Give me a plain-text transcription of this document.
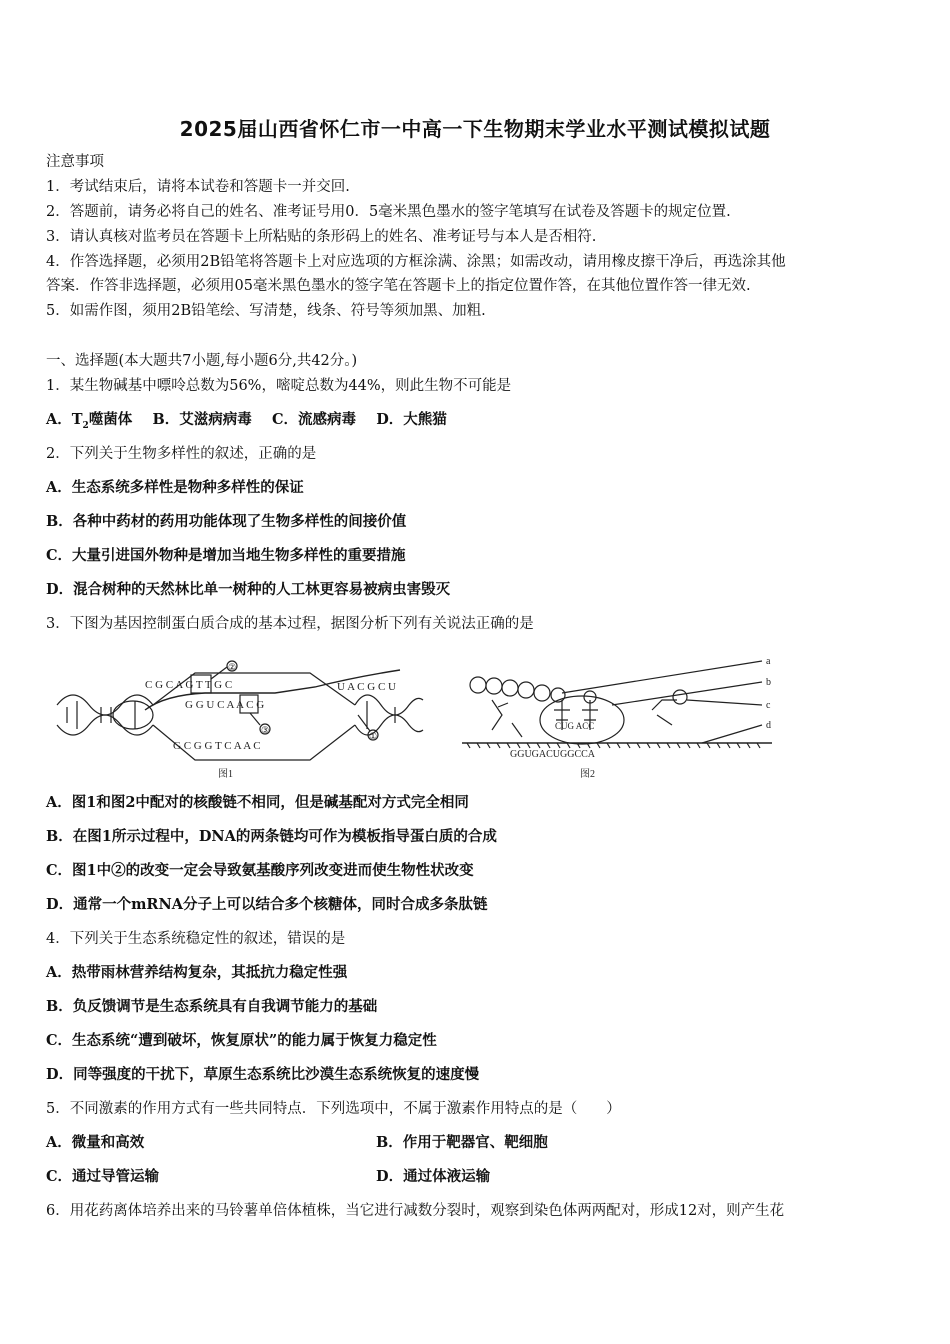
2025届山西省怀仁市一中高一下生物期末学业水平测试模拟试题
注意事项
1．考试结束后，请将本试卷和答题卡一并交回.
2．答题前，请务必将自己的姓名、准考证号用0．5毫米黑色墨水的签字笔填写在试卷及答题卡的规定位置.
3．请认真核对监考员在答题卡上所粘贴的条形码上的姓名、准考证号与本人是否相符.
4．作答选择题，必须用2B铅笔将答题卡上对应选项的方框涂满、涂黑；如需改动，请用橡皮擦干净后，再选涂其他
答案．作答非选择题，必须用05毫米黑色墨水的签字笔在答题卡上的指定位置作答，在其他位置作答一律无效.
5．如需作图，须用2B铅笔绘、写清楚，线条、符号等须加黑、加粗.
一、选择题(本大题共7小题,每小题6分,共42分。)
1．某生物碱基中嘌呤总数为56%，嘧啶总数为44%，则此生物不可能是
A．$T_2$噬菌体 B．艾滋病病毒 C．流感病毒 D．大熊猫
2．下列关于生物多样性的叙述，正确的是
A．生态系统多样性是物种多样性的保证
B．各种中药材的药用功能体现了生物多样性的间接价值
C．大量引进国外物种是增加当地生物多样性的重要措施
D．混合树种的天然林比单一树种的人工林更容易被病虫害毁灭
3．下图为基因控制蛋白质合成的基本过程，据图分析下列有关说法正确的是
C G C A G T T G C
G G U C A A C G
U A C G C U
G C G G T C A A C
②
③
①
图1
CUG ACC
GGUGACUGGCCA
a
b
c
d
图2
A．图1和图2中配对的核酸链不相同，但是碱基配对方式完全相同
B．在图1所示过程中，DNA的两条链均可作为模板指导蛋白质的合成
C．图1中②的改变一定会导致氨基酸序列改变进而使生物性状改变
D．通常一个mRNA分子上可以结合多个核糖体，同时合成多条肽链
4．下列关于生态系统稳定性的叙述，错误的是
A．热带雨林营养结构复杂，其抵抗力稳定性强
B．负反馈调节是生态系统具有自我调节能力的基础
C．生态系统“遭到破坏，恢复原状”的能力属于恢复力稳定性
D．同等强度的干扰下，草原生态系统比沙漠生态系统恢复的速度慢
5．不同激素的作用方式有一些共同特点．下列选项中，不属于激素作用特点的是（　　）
A．微量和高效	B．作用于靶器官、靶细胞
C．通过导管运输	D．通过体液运输
6．用花药离体培养出来的马铃薯单倍体植株，当它进行减数分裂时，观察到染色体两两配对，形成12对，则产生花
